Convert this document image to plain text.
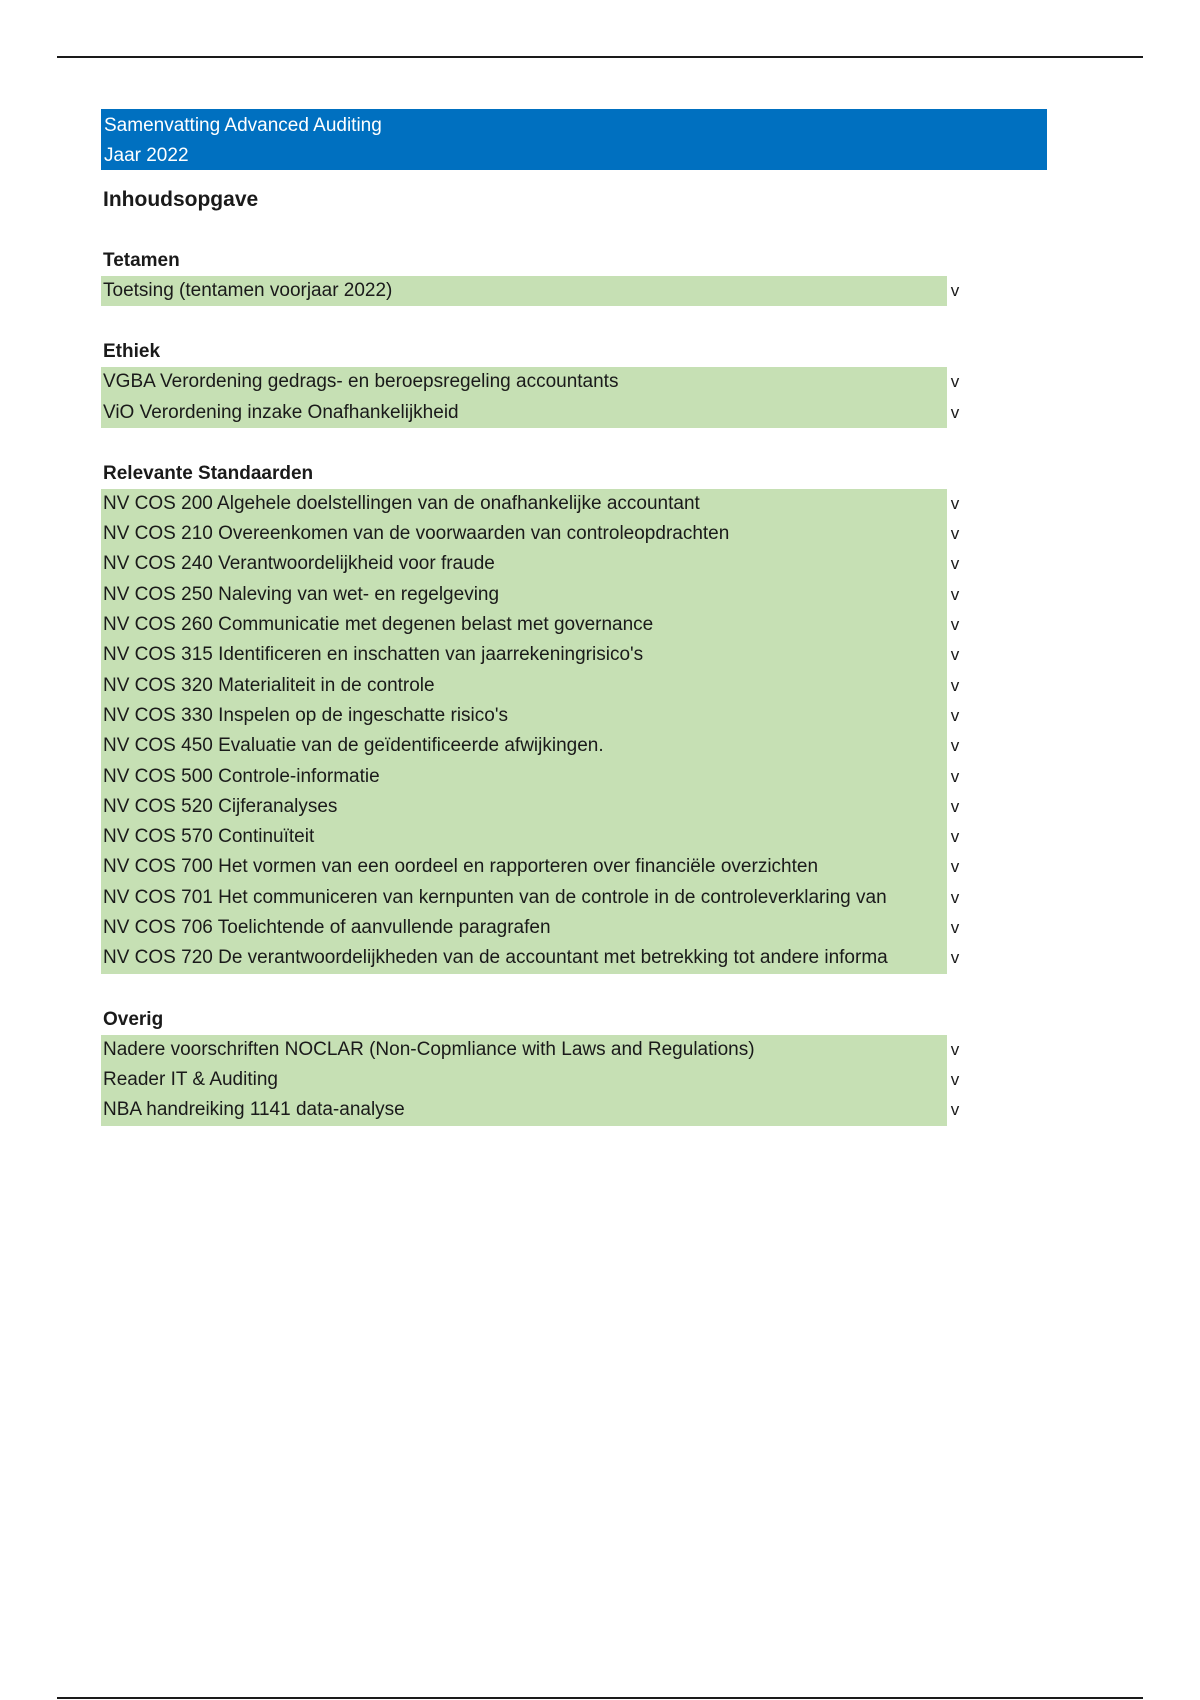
Samenvatting Advanced Auditing
Jaar 2022
Inhoudsopgave
Tetamen
Toetsing (tentamen voorjaar 2022)	v
Ethiek
VGBA Verordening gedrags- en beroepsregeling accountants	v
ViO Verordening inzake Onafhankelijkheid	v
Relevante Standaarden
NV COS 200 Algehele doelstellingen van de onafhankelijke accountant	v
NV COS 210 Overeenkomen van de voorwaarden van controleopdrachten	v
NV COS 240 Verantwoordelijkheid voor fraude	v
NV COS 250 Naleving van wet- en regelgeving	v
NV COS 260 Communicatie met degenen belast met governance	v
NV COS 315 Identificeren en inschatten van jaarrekeningrisico's	v
NV COS 320 Materialiteit in de controle	v
NV COS 330 Inspelen op de ingeschatte risico's	v
NV COS 450 Evaluatie van de geïdentificeerde afwijkingen.	v
NV COS 500 Controle-informatie	v
NV COS 520 Cijferanalyses	v
NV COS 570 Continuïteit	v
NV COS 700 Het vormen van een oordeel en rapporteren over financiële overzichten	v
NV COS 701 Het communiceren van kernpunten van de controle in de controleverklaring van	v
NV COS 706 Toelichtende of aanvullende paragrafen	v
NV COS 720 De verantwoordelijkheden van de accountant met betrekking tot andere informa	v
Overig
Nadere voorschriften NOCLAR (Non-Copmliance with Laws and Regulations)	v
Reader IT & Auditing	v
NBA handreiking 1141 data-analyse	v
